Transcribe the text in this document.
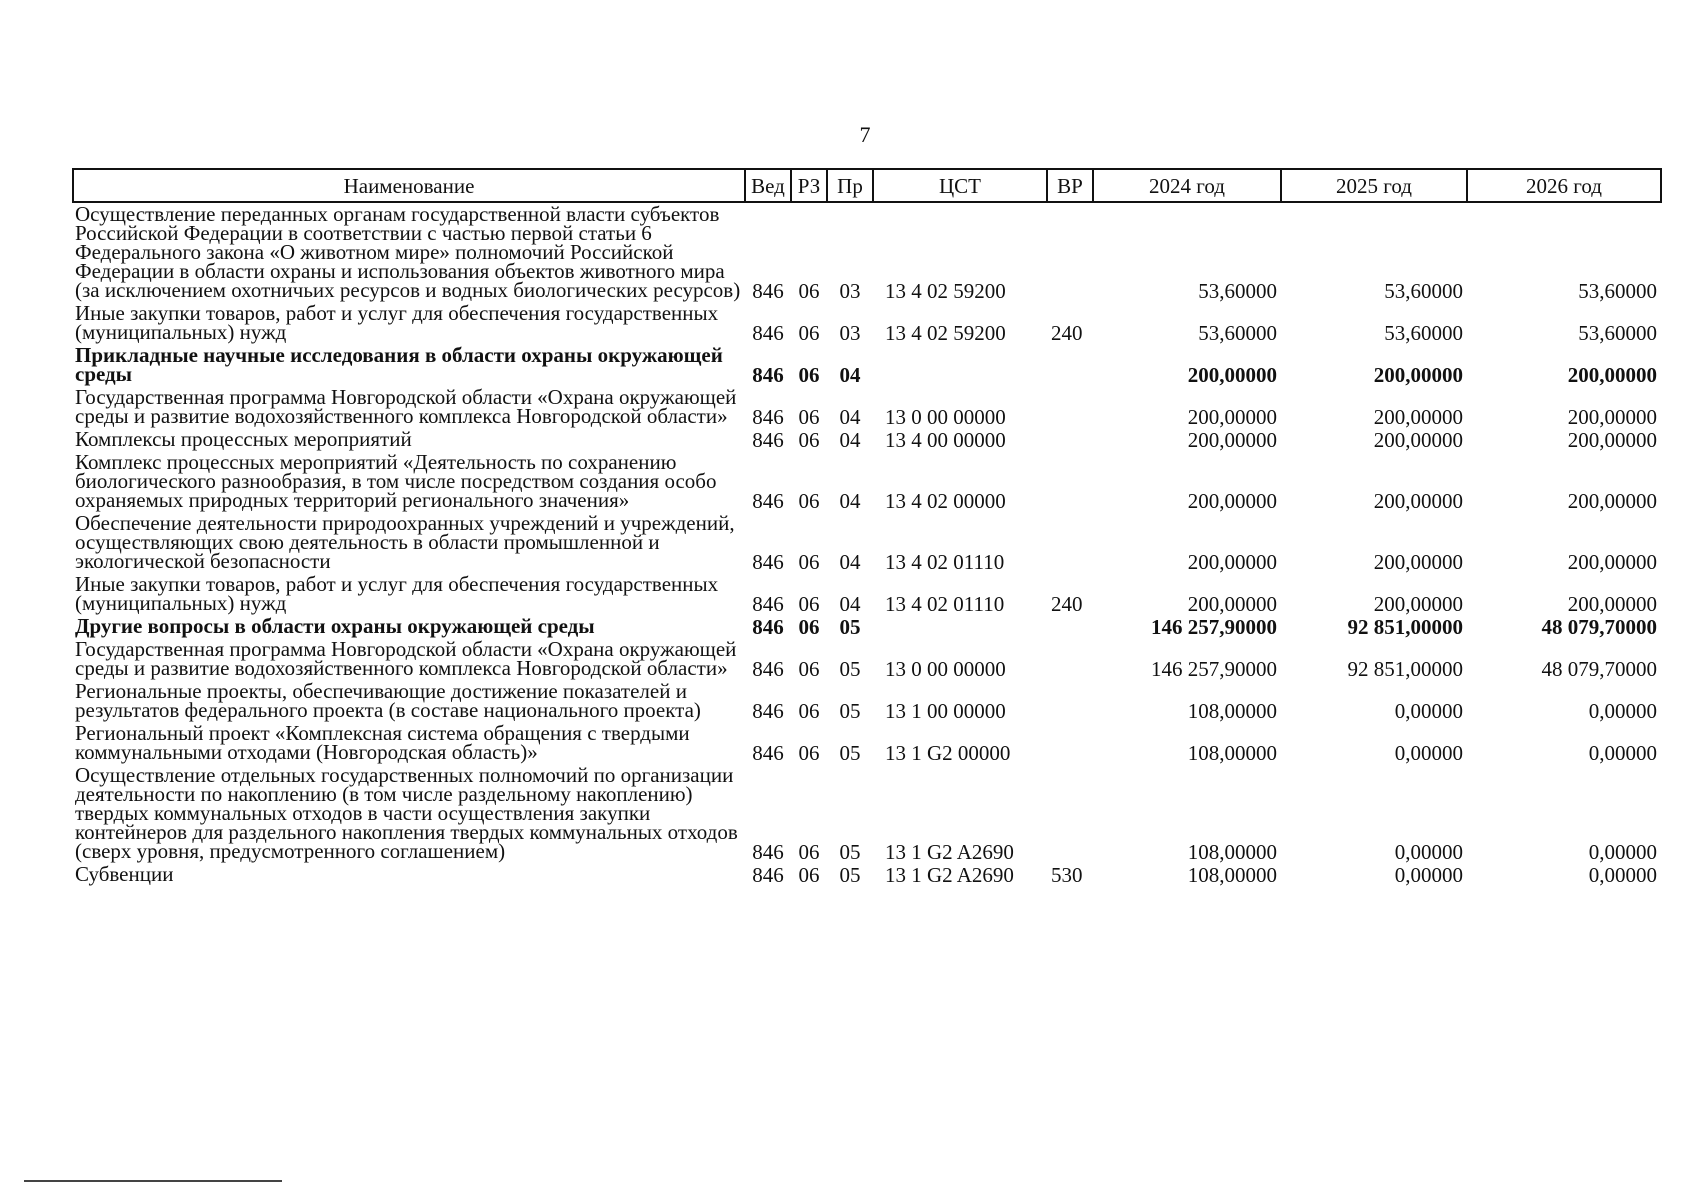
7
Наименование	Вед	РЗ	Пр	ЦСТ	ВР	2024 год	2025 год	2026 год
Осуществление переданных органам государственной власти субъектов Российской Федерации в соответствии с частью первой статьи 6 Федерального закона «О животном мире» полномочий Российской Федерации в области охраны и использования объектов животного мира (за исключением охотничьих ресурсов и водных биологических ресурсов)	846	06	03	13 4 02 59200		53,60000	53,60000	53,60000
Иные закупки товаров, работ и услуг для обеспечения государственных (муниципальных) нужд	846	06	03	13 4 02 59200	240	53,60000	53,60000	53,60000
Прикладные научные исследования в области охраны окружающей среды	846	06	04			200,00000	200,00000	200,00000
Государственная программа Новгородской области «Охрана окружающей среды и развитие водохозяйственного комплекса Новгородской области»	846	06	04	13 0 00 00000		200,00000	200,00000	200,00000
Комплексы процессных мероприятий	846	06	04	13 4 00 00000		200,00000	200,00000	200,00000
Комплекс процессных мероприятий «Деятельность по сохранению биологического разнообразия, в том числе посредством создания особо охраняемых природных территорий регионального значения»	846	06	04	13 4 02 00000		200,00000	200,00000	200,00000
Обеспечение деятельности природоохранных учреждений и учреждений, осуществляющих свою деятельность в области промышленной и экологической безопасности	846	06	04	13 4 02 01110		200,00000	200,00000	200,00000
Иные закупки товаров, работ и услуг для обеспечения государственных (муниципальных) нужд	846	06	04	13 4 02 01110	240	200,00000	200,00000	200,00000
Другие вопросы в области охраны окружающей среды	846	06	05			146 257,90000	92 851,00000	48 079,70000
Государственная программа Новгородской области «Охрана окружающей среды и развитие водохозяйственного комплекса Новгородской области»	846	06	05	13 0 00 00000		146 257,90000	92 851,00000	48 079,70000
Региональные проекты, обеспечивающие достижение показателей и результатов федерального проекта (в составе национального проекта)	846	06	05	13 1 00 00000		108,00000	0,00000	0,00000
Региональный проект «Комплексная система обращения с твердыми коммунальными отходами (Новгородская область)»	846	06	05	13 1 G2 00000		108,00000	0,00000	0,00000
Осуществление отдельных государственных полномочий по организации деятельности по накоплению (в том числе раздельному накоплению) твердых коммунальных отходов в части осуществления закупки контейнеров для раздельного накопления твердых коммунальных отходов (сверх уровня, предусмотренного соглашением)	846	06	05	13 1 G2 A2690		108,00000	0,00000	0,00000
Субвенции	846	06	05	13 1 G2 A2690	530	108,00000	0,00000	0,00000
